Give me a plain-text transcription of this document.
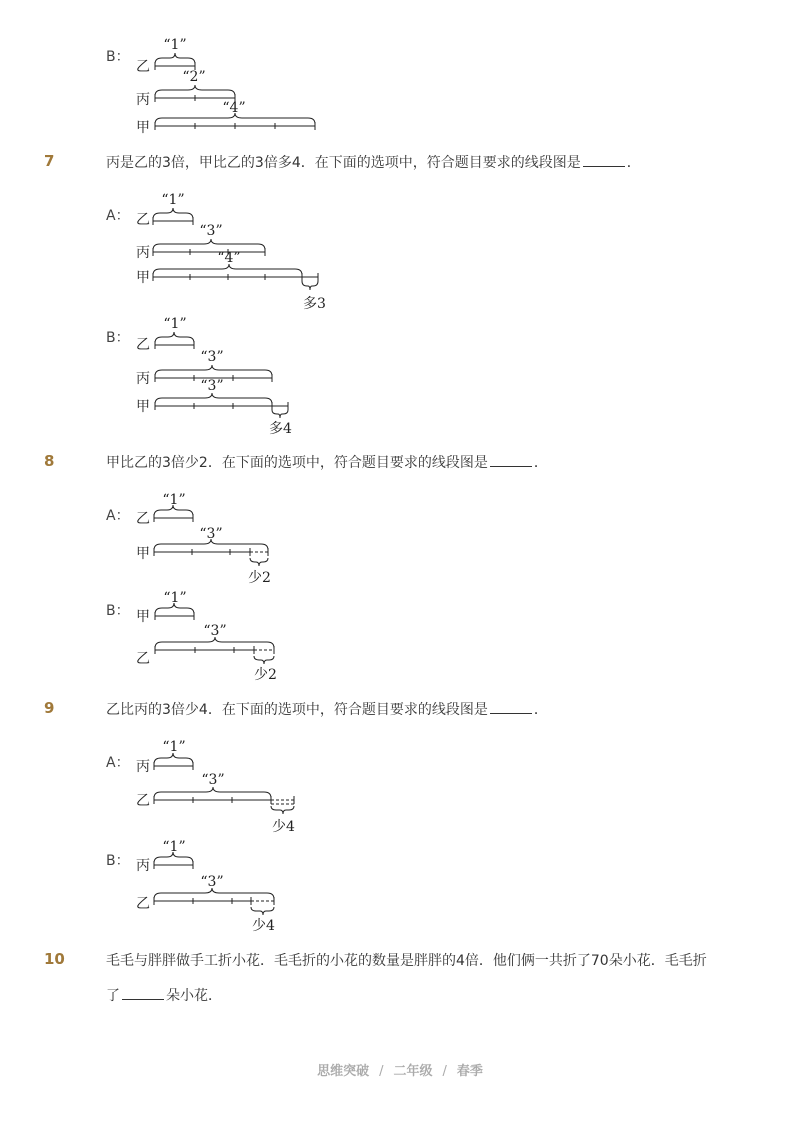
B：
乙
丙
甲
“1”
“2”
“4”
7	丙是乙的3倍，甲比乙的3倍多4．在下面的选项中，符合题目要求的线段图是	．
A： 乙
丙
甲
“1”
“3”
“4”
多3
B： 乙
丙
甲
“1”
“3”
“3”
多4
8	甲比乙的3倍少2．在下面的选项中，符合题目要求的线段图是	．
A： 乙
甲
“1”
“3”
少2
B： 甲
乙
“1”
“3”
少2
9	乙比丙的3倍少4．在下面的选项中，符合题目要求的线段图是	．
A： 丙
乙
“1”
“3”
少4
B： 丙
乙
“1”
“3”
少4
10	毛毛与胖胖做手工折小花．毛毛折的小花的数量是胖胖的4倍．他们俩一共折了70朵小花．毛毛折
了	朵小花．
思维突破 / 二年级 / 春季
